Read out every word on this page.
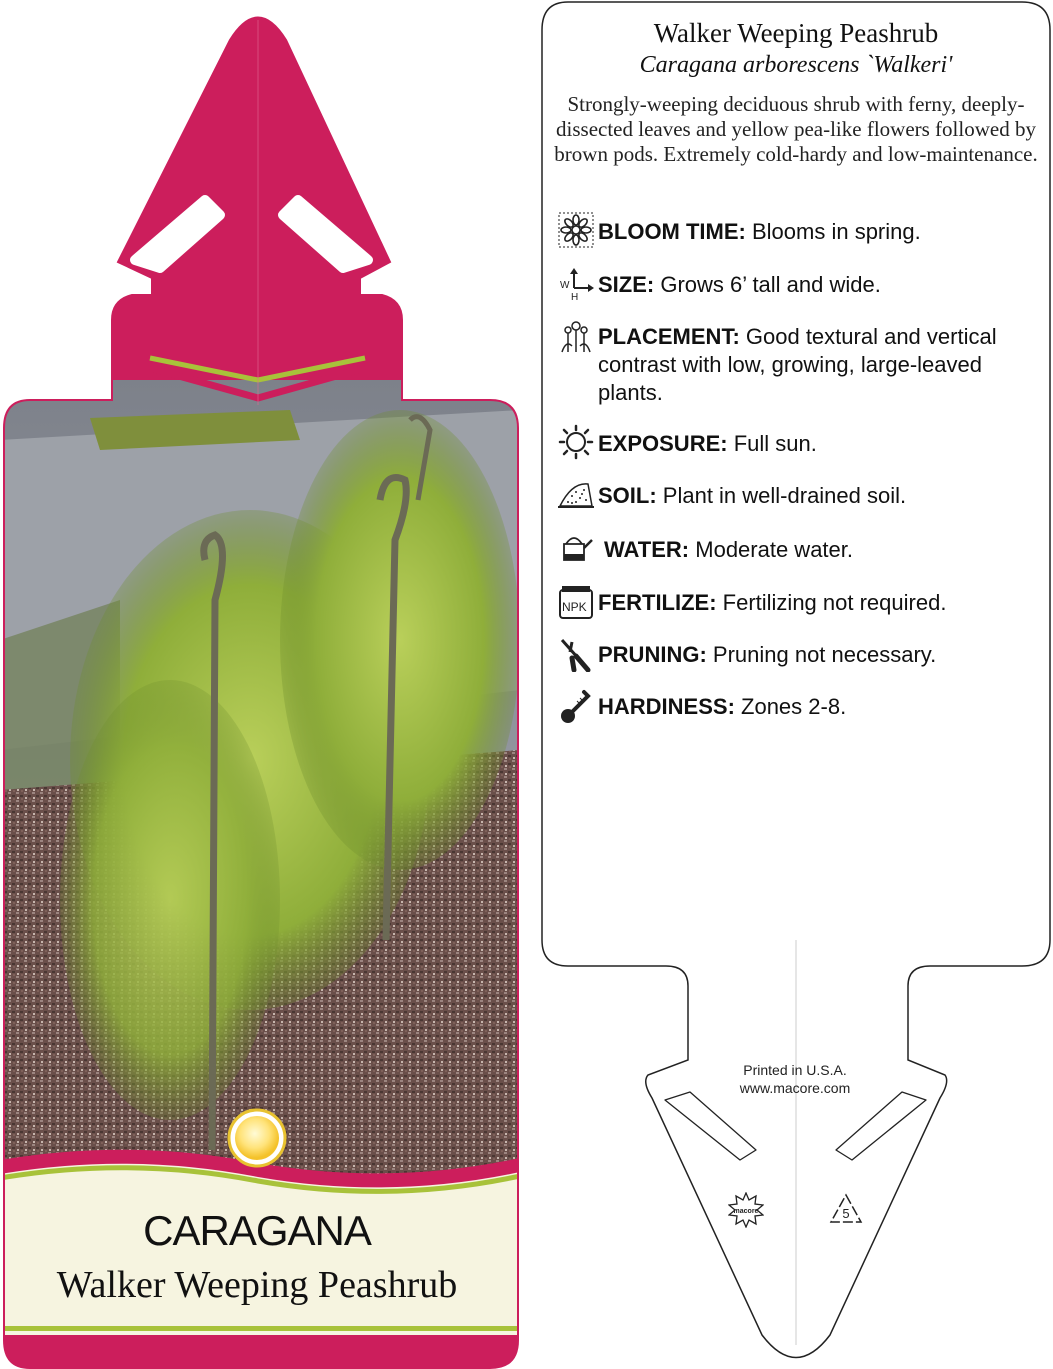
CARAGANA
Walker Weeping Peashrub
Walker Weeping Peashrub
Caragana arborescens `Walkeri'
Strongly-weeping deciduous shrub with ferny, deeply-dissected leaves and yellow pea-like flowers followed by brown pods. Extremely cold-hardy and low-maintenance.
W
H
NPK
BLOOM TIME: Blooms in spring.
SIZE: Grows 6’ tall and wide.
PLACEMENT: Good textural and vertical contrast with low, growing, large-leaved plants.
EXPOSURE: Full sun.
SOIL: Plant in well-drained soil.
WATER: Moderate water.
FERTILIZE: Fertilizing not required.
PRUNING: Pruning not necessary.
HARDINESS: Zones 2-8.
Printed in U.S.A.
www.macore.com
macore	5
